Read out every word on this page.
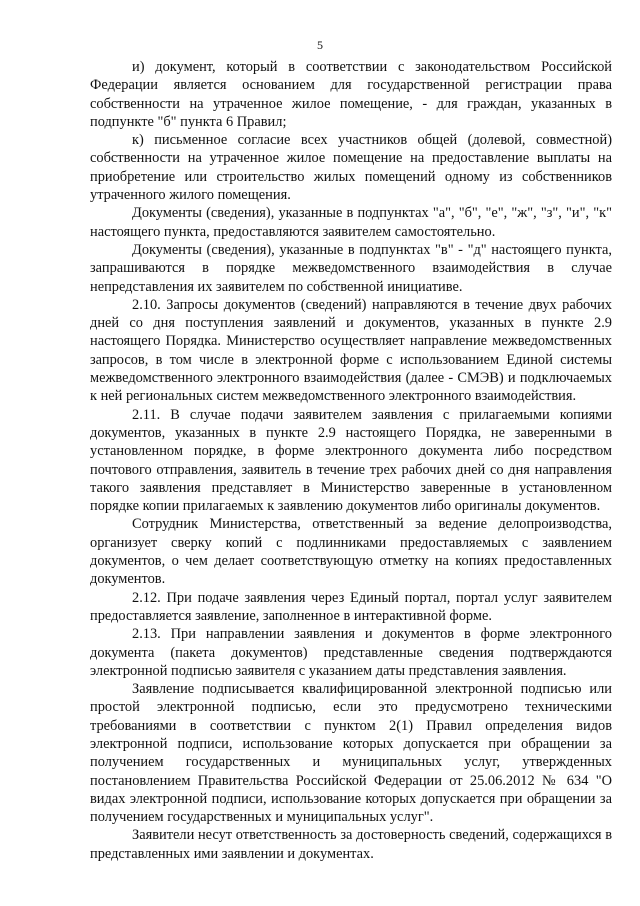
5

и) документ, который в соответствии с законодательством Российской Федерации является основанием для государственной регистрации права собственности на утраченное жилое помещение, - для граждан, указанных в подпункте "б" пункта 6 Правил;

к) письменное согласие всех участников общей (долевой, совместной) собственности на утраченное жилое помещение на предоставление выплаты на приобретение или строительство жилых помещений одному из собственников утраченного жилого помещения.

Документы (сведения), указанные в подпунктах "а", "б", "е", "ж", "з", "и", "к" настоящего пункта, предоставляются заявителем самостоятельно.

Документы (сведения), указанные в подпунктах "в" - "д" настоящего пункта, запрашиваются в порядке межведомственного взаимодействия в случае непредставления их заявителем по собственной инициативе.

2.10. Запросы документов (сведений) направляются в течение двух рабочих дней со дня поступления заявлений и документов, указанных в пункте 2.9 настоящего Порядка. Министерство осуществляет направление межведомственных запросов, в том числе в электронной форме с использованием Единой системы межведомственного электронного взаимодействия (далее - СМЭВ) и подключаемых к ней региональных систем межведомственного электронного взаимодействия.

2.11. В случае подачи заявителем заявления с прилагаемыми копиями документов, указанных в пункте 2.9 настоящего Порядка, не заверенными в установленном порядке, в форме электронного документа либо посредством почтового отправления, заявитель в течение трех рабочих дней со дня направления такого заявления представляет в Министерство заверенные в установленном порядке копии прилагаемых к заявлению документов либо оригиналы документов.

Сотрудник Министерства, ответственный за ведение делопроизводства, организует сверку копий с подлинниками предоставляемых с заявлением документов, о чем делает соответствующую отметку на копиях предоставленных документов.

2.12. При подаче заявления через Единый портал, портал услуг заявителем предоставляется заявление, заполненное в интерактивной форме.

2.13. При направлении заявления и документов в форме электронного документа (пакета документов) представленные сведения подтверждаются электронной подписью заявителя с указанием даты представления заявления.

Заявление подписывается квалифицированной электронной подписью или простой электронной подписью, если это предусмотрено техническими требованиями в соответствии с пунктом 2(1) Правил определения видов электронной подписи, использование которых допускается при обращении за получением государственных и муниципальных услуг, утвержденных постановлением Правительства Российской Федерации от 25.06.2012 № 634 "О видах электронной подписи, использование которых допускается при обращении за получением государственных и муниципальных услуг".

Заявители несут ответственность за достоверность сведений, содержащихся в представленных ими заявлении и документах.
